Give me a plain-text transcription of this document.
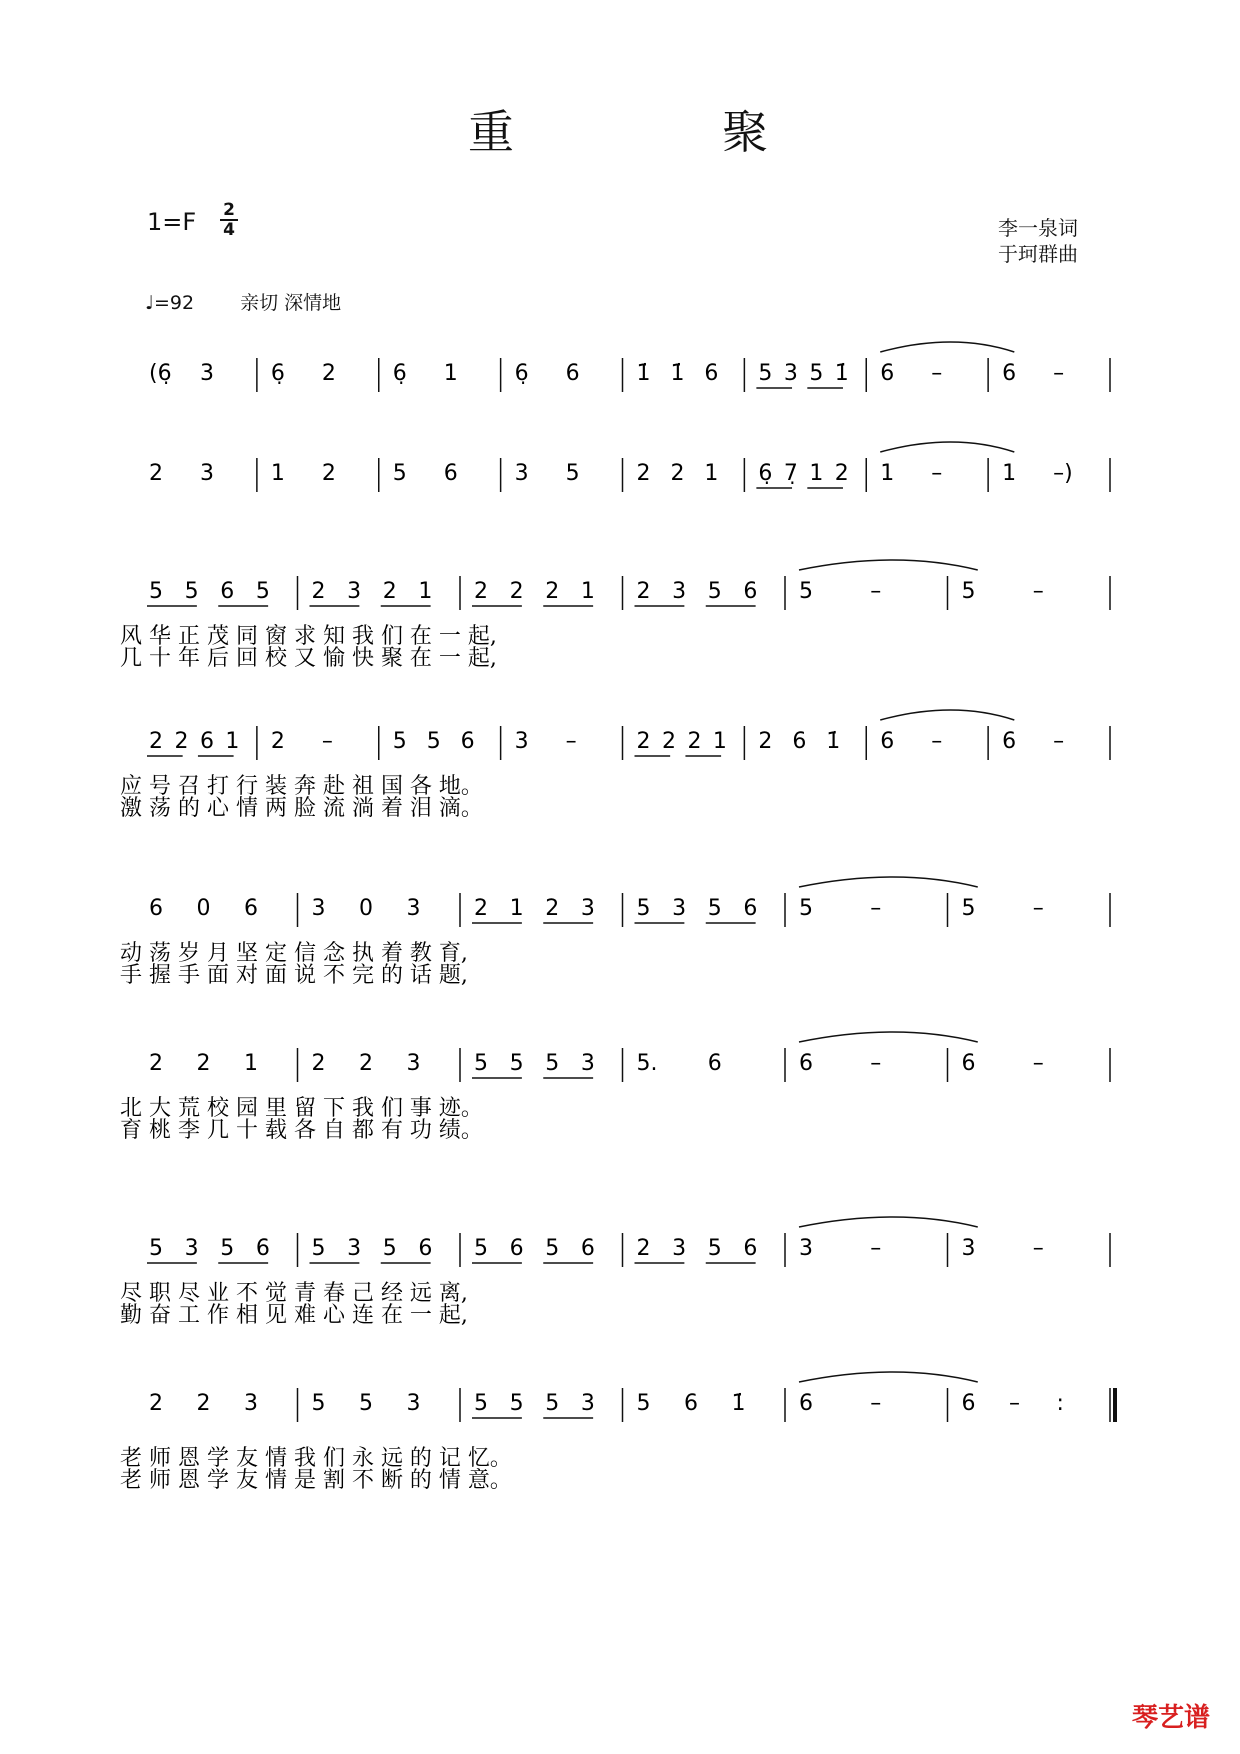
重	聚
1=F 2
4	李一泉词
于珂群曲
♩=92 亲切 深情地
(6̣ 3	6̣ 2	6̣ 1	6̣ 6	1̇ 1̇ 6 5 3 5 1̇ 6 –	6 –
2 3	1 2	5 6	3 5	2 2 1 6̣ 7̣ 1 2 1 –	1 –)
5 5 6 5 2 3 2 1 2 2 2 1 2 3 5 6 5	–	5	–
风 华 正 茂 同 窗 求 知 我 们 在 一 起,
几 十 年 后 回 校 又 愉 快 聚 在 一 起,
2 2 6 1 2 –	5 5 6 3 –	2 2 2 1 2 6 1̇ 6 –	6 –
应 号 召 打 行 装 奔 赴 祖 国 各 地。
激 荡 的 心 情 两 脸 流 淌 着 泪 滴。
6 0 6 3 0 3 2 1 2 3 5 3 5 6 5	–	5	–
动 荡 岁 月 坚 定 信 念 执 着 教 育,
手 握 手 面 对 面 说 不 完 的 话 题,
2 2 1 2 2 3 5 5 5 3 5. 6	6	–	6	–
北 大 荒 校 园 里 留 下 我 们 事 迹。
育 桃 李 几 十 载 各 自 都 有 功 绩。
5 3 5 6 5 3 5 6 5 6 5 6 2 3 5 6 3	–	3	–
尽 职 尽 业 不 觉 青 春 己 经 远 离,
勤 奋 工 作 相 见 难 心 连 在 一 起,
2 2 3 5 5 3 5 5 5 3 5 6 1̇ 6	–	6 – :
老 师 恩 学 友 情 我 们 永 远 的 记 忆。
老 师 恩 学 友 情 是 割 不 断 的 情 意。
琴艺谱
